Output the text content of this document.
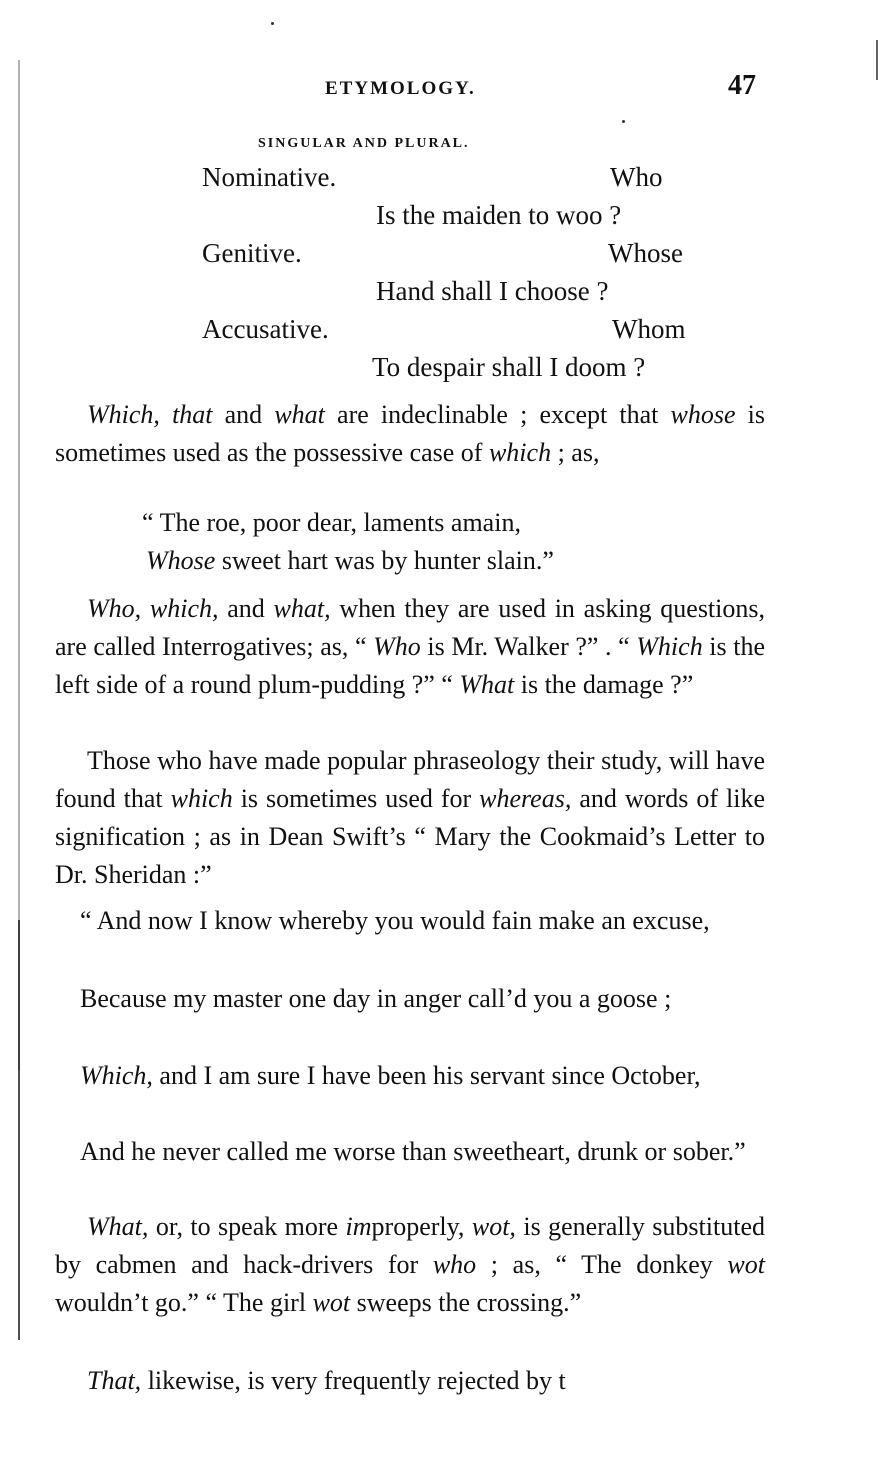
ETYMOLOGY.	47
SINGULAR AND PLURAL.
Nominative.	Who
Is the maiden to woo ?
Genitive.	Whose
Hand shall I choose ?
Accusative.	Whom
To despair shall I doom ?

Which, that and what are indeclinable ; except that whose is sometimes used as the possessive case of which ; as,

“ The roe, poor dear, laments amain,
Whose sweet hart was by hunter slain.”

Who, which, and what, when they are used in asking questions, are called Interrogatives; as, “ Who is Mr. Walker ?” . “ Which is the left side of a round plum-pudding ?” “ What is the damage ?”

Those who have made popular phraseology their study, will have found that which is sometimes used for whereas, and words of like signification ; as in Dean Swift’s “ Mary the Cookmaid’s Letter to Dr. Sheridan :”

“ And now I know whereby you would fain make an excuse,

Because my master one day in anger call’d you a goose ;

Which, and I am sure I have been his servant since October,

And he never called me worse than sweetheart, drunk or sober.”

What, or, to speak more improperly, wot, is generally substituted by cabmen and hack-drivers for who ; as, “ The donkey wot wouldn’t go.” “ The girl wot sweeps the crossing.”

That, likewise, is very frequently rejected by t
